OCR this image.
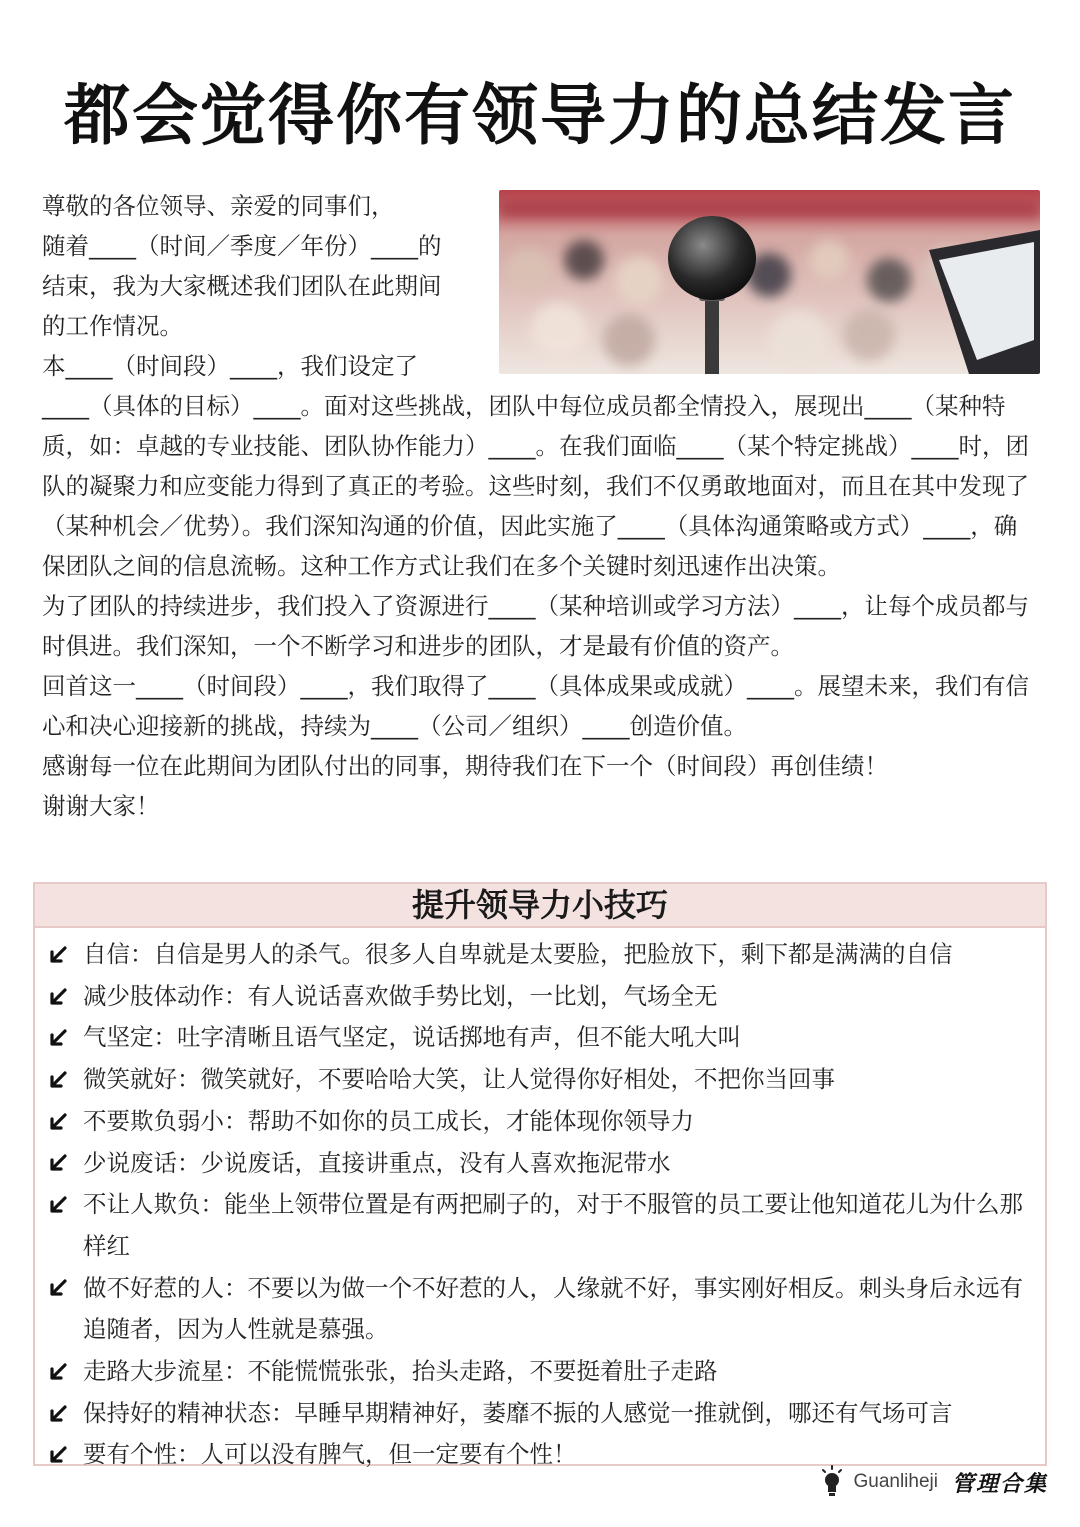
都会觉得你有领导力的总结发言
尊敬的各位领导、亲爱的同事们，
随着____（时间／季度／年份）____的
结束，我为大家概述我们团队在此期间
的工作情况。
本____（时间段）____，我们设定了
____（具体的目标）____。面对这些挑战，团队中每位成员都全情投入，展现出____（某种特质，如：卓越的专业技能、团队协作能力）____。在我们面临____（某个特定挑战）____时，团队的凝聚力和应变能力得到了真正的考验。这些时刻，我们不仅勇敢地面对，而且在其中发现了（某种机会／优势）。我们深知沟通的价值，因此实施了____（具体沟通策略或方式）____，确保团队之间的信息流畅。这种工作方式让我们在多个关键时刻迅速作出决策。
为了团队的持续进步，我们投入了资源进行____（某种培训或学习方法）____，让每个成员都与时俱进。我们深知，一个不断学习和进步的团队，才是最有价值的资产。
回首这一____（时间段）____，我们取得了____（具体成果或成就）____。展望未来，我们有信心和决心迎接新的挑战，持续为____（公司／组织）____创造价值。
感谢每一位在此期间为团队付出的同事，期待我们在下一个（时间段）再创佳绩！
谢谢大家！
提升领导力小技巧
自信：自信是男人的杀气。很多人自卑就是太要脸，把脸放下，剩下都是满满的自信
减少肢体动作：有人说话喜欢做手势比划，一比划，气场全无
气坚定：吐字清晰且语气坚定，说话掷地有声，但不能大吼大叫
微笑就好：微笑就好，不要哈哈大笑，让人觉得你好相处，不把你当回事
不要欺负弱小：帮助不如你的员工成长，才能体现你领导力
少说废话：少说废话，直接讲重点，没有人喜欢拖泥带水
不让人欺负：能坐上领带位置是有两把刷子的，对于不服管的员工要让他知道花儿为什么那样红
做不好惹的人：不要以为做一个不好惹的人，人缘就不好，事实刚好相反。刺头身后永远有追随者，因为人性就是慕强。
走路大步流星：不能慌慌张张，抬头走路，不要挺着肚子走路
保持好的精神状态：早睡早期精神好，萎靡不振的人感觉一推就倒，哪还有气场可言
要有个性：人可以没有脾气，但一定要有个性！
Guanliheji 管理合集
